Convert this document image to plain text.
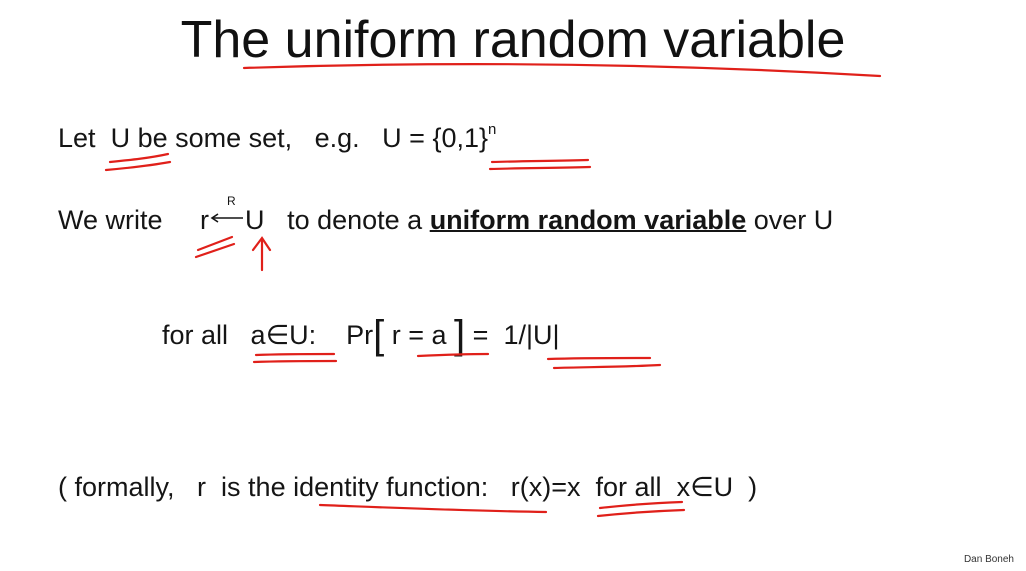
The uniform random variable
Let U be some set,   e.g.   $U = \{0,1\}^n$
We write r
R
U to denote a uniform random variable over U
for all a∈U: Pr[ r = a ] =  1/|U|
( formally, r is the identity function: r(x)=x for all x∈U )
Dan Boneh
